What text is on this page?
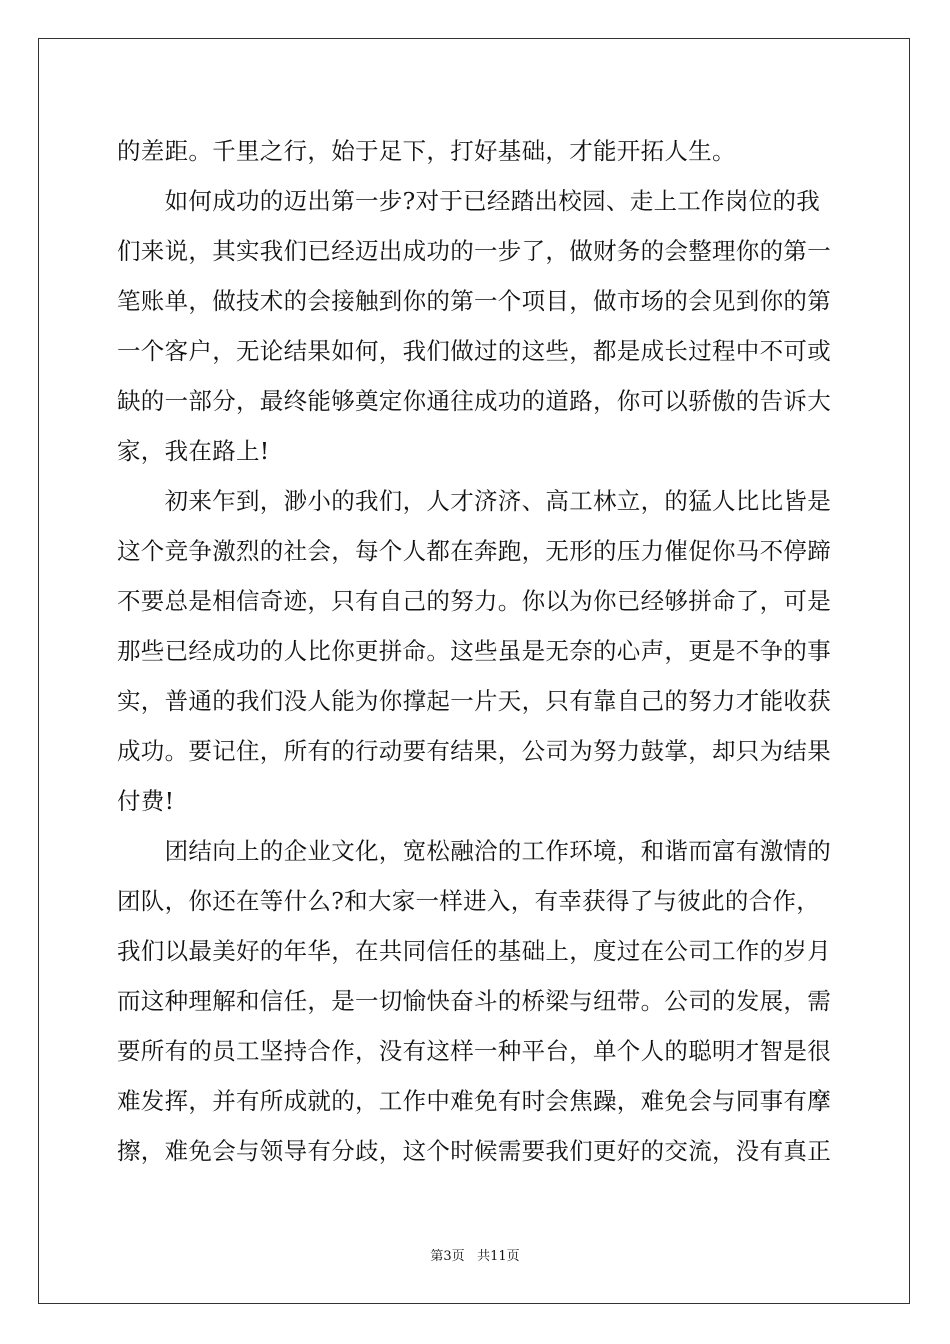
的差距。千里之行，始于足下，打好基础，才能开拓人生。
　　如何成功的迈出第一步?对于已经踏出校园、走上工作岗位的我
们来说，其实我们已经迈出成功的一步了，做财务的会整理你的第一
笔账单，做技术的会接触到你的第一个项目，做市场的会见到你的第
一个客户，无论结果如何，我们做过的这些，都是成长过程中不可或
缺的一部分，最终能够奠定你通往成功的道路，你可以骄傲的告诉大
家，我在路上!
　　初来乍到，渺小的我们，人才济济、高工林立，的猛人比比皆是
这个竞争激烈的社会，每个人都在奔跑，无形的压力催促你马不停蹄
不要总是相信奇迹，只有自己的努力。你以为你已经够拼命了，可是
那些已经成功的人比你更拼命。这些虽是无奈的心声，更是不争的事
实，普通的我们没人能为你撑起一片天，只有靠自己的努力才能收获
成功。要记住，所有的行动要有结果，公司为努力鼓掌，却只为结果
付费!
　　团结向上的企业文化，宽松融洽的工作环境，和谐而富有激情的
团队，你还在等什么?和大家一样进入，有幸获得了与彼此的合作，
我们以最美好的年华，在共同信任的基础上，度过在公司工作的岁月
而这种理解和信任，是一切愉快奋斗的桥梁与纽带。公司的发展，需
要所有的员工坚持合作，没有这样一种平台，单个人的聪明才智是很
难发挥，并有所成就的，工作中难免有时会焦躁，难免会与同事有摩
擦，难免会与领导有分歧，这个时候需要我们更好的交流，没有真正
第3页 共11页
